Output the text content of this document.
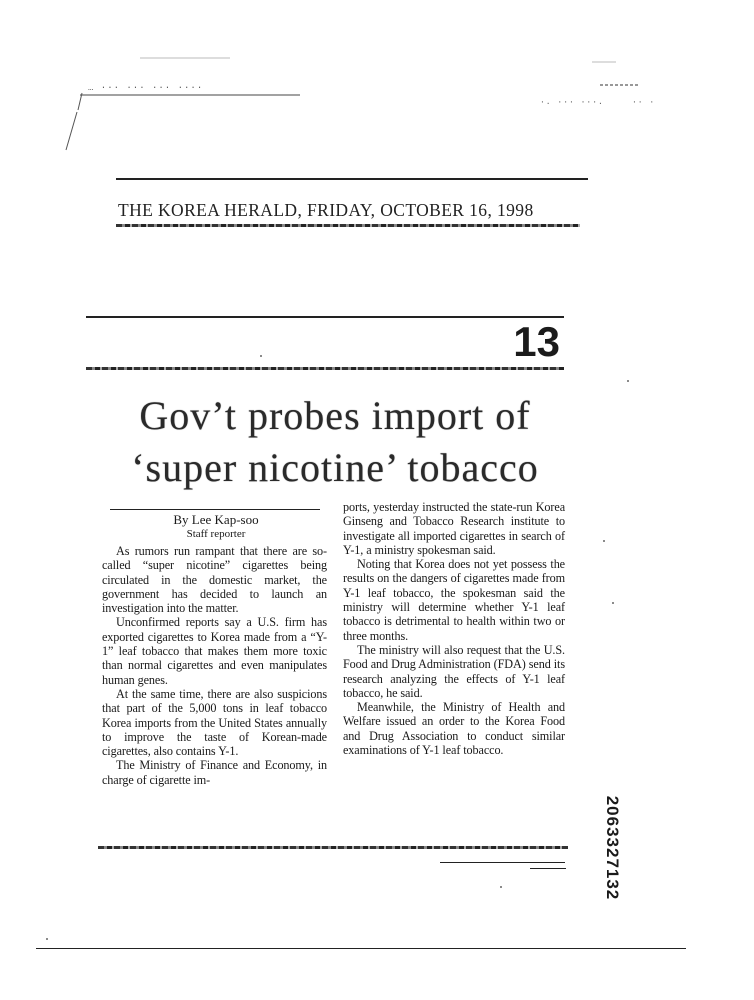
… ··· ··· ··· ····
·. ··· ···.	·· ·
THE KOREA HERALD, FRIDAY, OCTOBER 16, 1998
13
Gov’t probes import of
‘super nicotine’ tobacco
By Lee Kap-soo
Staff reporter

As rumors run rampant that there are so-called “super nicotine” cigarettes being circulated in the domestic market, the government has decided to launch an investigation into the matter.

Unconfirmed reports say a U.S. firm has exported cigarettes to Korea made from a “Y-1” leaf tobacco that makes them more toxic than normal cigarettes and even manipulates human genes.

At the same time, there are also suspicions that part of the 5,000 tons in leaf tobacco Korea imports from the United States annually to improve the taste of Korean-made cigarettes, also contains Y-1.

The Ministry of Finance and Economy, in charge of cigarette im-

ports, yesterday instructed the state-run Korea Ginseng and Tobacco Research institute to investigate all imported cigarettes in search of Y-1, a ministry spokesman said.

Noting that Korea does not yet possess the results on the dangers of cigarettes made from Y-1 leaf tobacco, the spokesman said the ministry will determine whether Y-1 leaf tobacco is detrimental to health within two or three months.

The ministry will also request that the U.S. Food and Drug Administration (FDA) send its research analyzing the effects of Y-1 leaf tobacco, he said.

Meanwhile, the Ministry of Health and Welfare issued an order to the Korea Food and Drug Association to conduct similar examinations of Y-1 leaf tobacco.

2063327132
